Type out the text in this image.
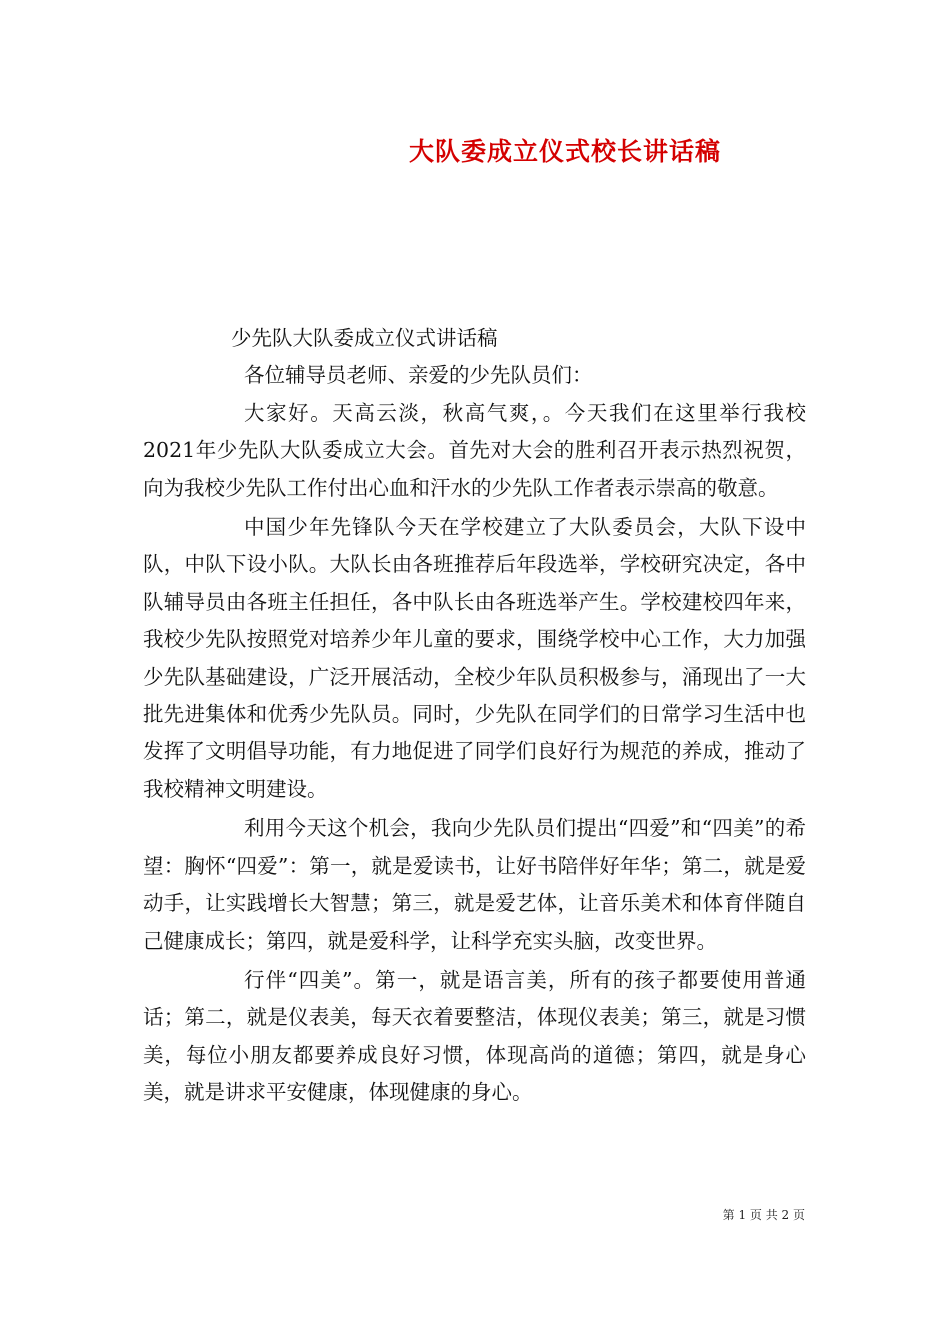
大队委成立仪式校长讲话稿

少先队大队委成立仪式讲话稿

各位辅导员老师、亲爱的少先队员们：

大家好。天高云淡，秋高气爽，。今天我们在这里举行我校2021年少先队大队委成立大会。首先对大会的胜利召开表示热烈祝贺，向为我校少先队工作付出心血和汗水的少先队工作者表示崇高的敬意。

中国少年先锋队今天在学校建立了大队委员会，大队下设中队，中队下设小队。大队长由各班推荐后年段选举，学校研究决定，各中队辅导员由各班主任担任，各中队长由各班选举产生。学校建校四年来，我校少先队按照党对培养少年儿童的要求，围绕学校中心工作，大力加强少先队基础建设，广泛开展活动，全校少年队员积极参与，涌现出了一大批先进集体和优秀少先队员。同时，少先队在同学们的日常学习生活中也发挥了文明倡导功能，有力地促进了同学们良好行为规范的养成，推动了我校精神文明建设。

利用今天这个机会，我向少先队员们提出“四爱”和“四美”的希望：胸怀“四爱”：第一，就是爱读书，让好书陪伴好年华；第二，就是爱动手，让实践增长大智慧；第三，就是爱艺体，让音乐美术和体育伴随自己健康成长；第四，就是爱科学，让科学充实头脑，改变世界。

行伴“四美”。第一，就是语言美，所有的孩子都要使用普通话；第二，就是仪表美，每天衣着要整洁，体现仪表美；第三，就是习惯美，每位小朋友都要养成良好习惯，体现高尚的道德；第四，就是身心美，就是讲求平安健康，体现健康的身心。

第 1 页 共 2 页
